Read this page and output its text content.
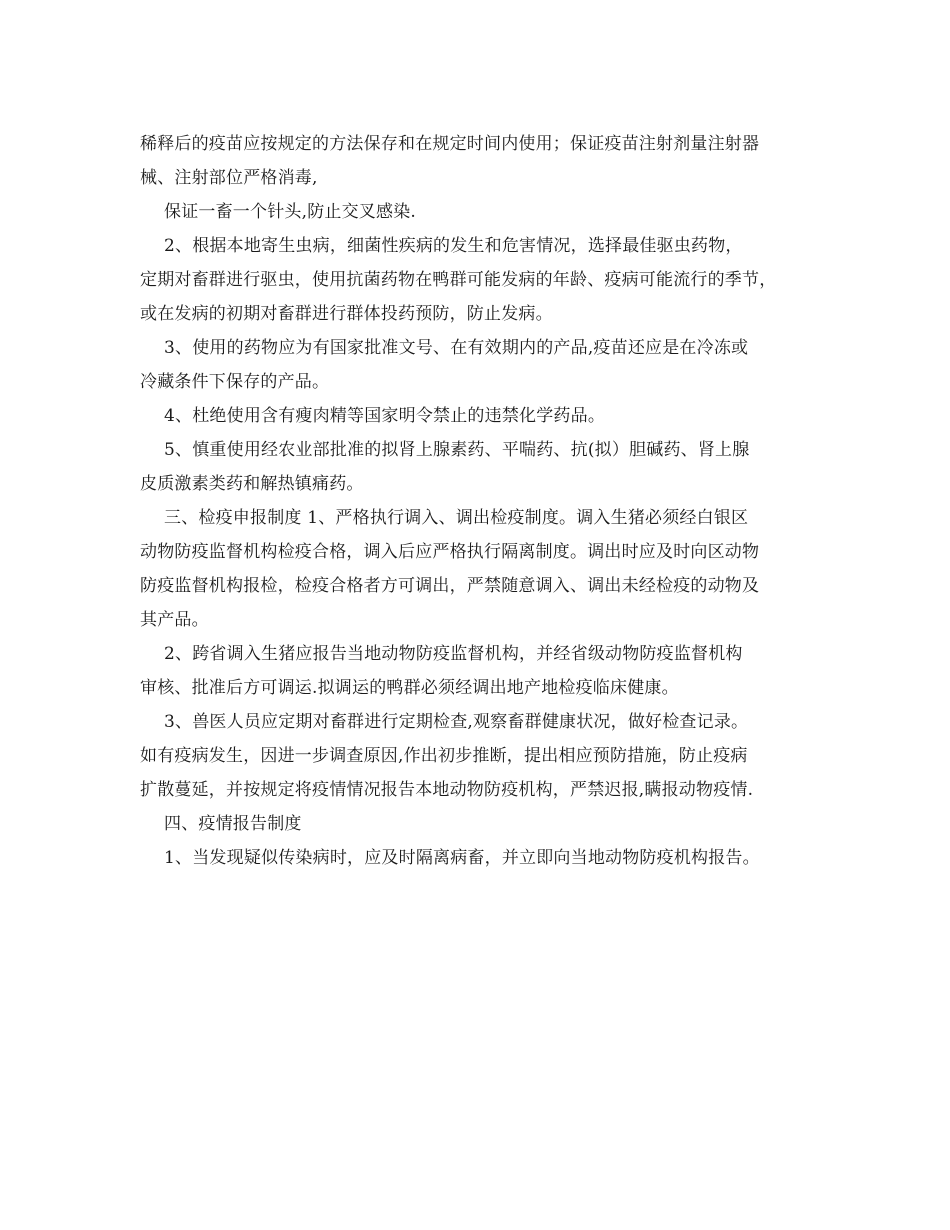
稀释后的疫苗应按规定的方法保存和在规定时间内使用；保证疫苗注射剂量注射器
械、注射部位严格消毒,
保证一畜一个针头,防止交叉感染.
2、根据本地寄生虫病，细菌性疾病的发生和危害情况，选择最佳驱虫药物，
定期对畜群进行驱虫，使用抗菌药物在鸭群可能发病的年龄、疫病可能流行的季节，
或在发病的初期对畜群进行群体投药预防，防止发病。
3、使用的药物应为有国家批准文号、在有效期内的产品,疫苗还应是在冷冻或
冷藏条件下保存的产品。
4、杜绝使用含有瘦肉精等国家明令禁止的违禁化学药品。
5、慎重使用经农业部批准的拟肾上腺素药、平喘药、抗(拟）胆碱药、肾上腺
皮质激素类药和解热镇痛药。
三、检疫申报制度 1、严格执行调入、调出检疫制度。调入生猪必须经白银区
动物防疫监督机构检疫合格，调入后应严格执行隔离制度。调出时应及时向区动物
防疫监督机构报检，检疫合格者方可调出，严禁随意调入、调出未经检疫的动物及
其产品。
2、跨省调入生猪应报告当地动物防疫监督机构，并经省级动物防疫监督机构
审核、批准后方可调运.拟调运的鸭群必须经调出地产地检疫临床健康。
3、兽医人员应定期对畜群进行定期检查,观察畜群健康状况，做好检查记录。
如有疫病发生，因进一步调查原因,作出初步推断，提出相应预防措施，防止疫病
扩散蔓延，并按规定将疫情情况报告本地动物防疫机构，严禁迟报,瞒报动物疫情.
四、疫情报告制度
1、当发现疑似传染病时，应及时隔离病畜，并立即向当地动物防疫机构报告。
